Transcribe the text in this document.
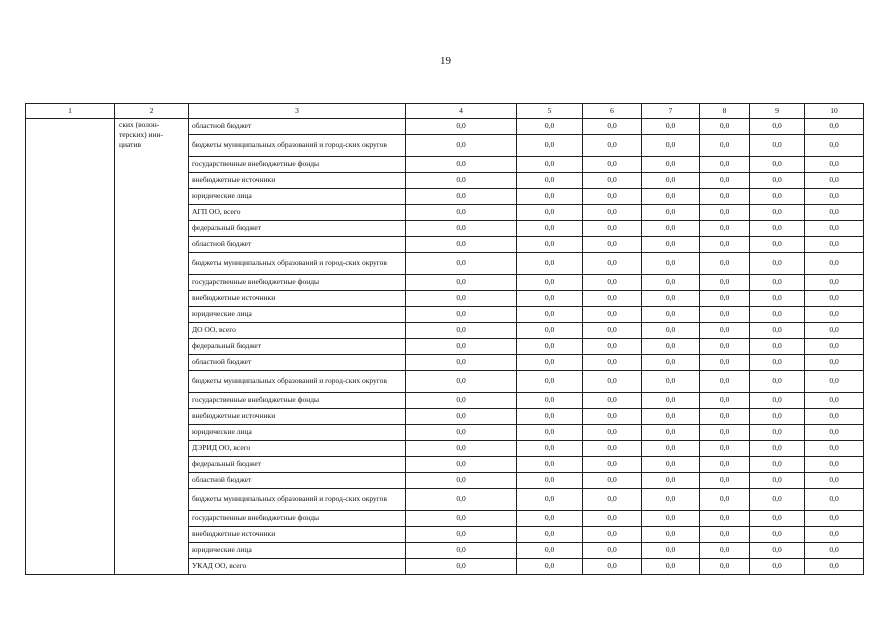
19
1	2	3	4	5	6	7	8	9	10
	ских (волон-терских) ини-циатив	областной бюджет	0,0	0,0	0,0	0,0	0,0	0,0	0,0
		бюджеты муниципальных образований и город-ских округов	0,0	0,0	0,0	0,0	0,0	0,0	0,0
		государственные внебюджетные фонды	0,0	0,0	0,0	0,0	0,0	0,0	0,0
		внебюджетные источники	0,0	0,0	0,0	0,0	0,0	0,0	0,0
		юридические лица	0,0	0,0	0,0	0,0	0,0	0,0	0,0
		АГП ОО, всего	0,0	0,0	0,0	0,0	0,0	0,0	0,0
		федеральный бюджет	0,0	0,0	0,0	0,0	0,0	0,0	0,0
		областной бюджет	0,0	0,0	0,0	0,0	0,0	0,0	0,0
		бюджеты муниципальных образований и город-ских округов	0,0	0,0	0,0	0,0	0,0	0,0	0,0
		государственные внебюджетные фонды	0,0	0,0	0,0	0,0	0,0	0,0	0,0
		внебюджетные источники	0,0	0,0	0,0	0,0	0,0	0,0	0,0
		юридические лица	0,0	0,0	0,0	0,0	0,0	0,0	0,0
		ДО ОО, всего	0,0	0,0	0,0	0,0	0,0	0,0	0,0
		федеральный бюджет	0,0	0,0	0,0	0,0	0,0	0,0	0,0
		областной бюджет	0,0	0,0	0,0	0,0	0,0	0,0	0,0
		бюджеты муниципальных образований и город-ских округов	0,0	0,0	0,0	0,0	0,0	0,0	0,0
		государственные внебюджетные фонды	0,0	0,0	0,0	0,0	0,0	0,0	0,0
		внебюджетные источники	0,0	0,0	0,0	0,0	0,0	0,0	0,0
		юридические лица	0,0	0,0	0,0	0,0	0,0	0,0	0,0
		ДЭРИД ОО, всего	0,0	0,0	0,0	0,0	0,0	0,0	0,0
		федеральный бюджет	0,0	0,0	0,0	0,0	0,0	0,0	0,0
		областной бюджет	0,0	0,0	0,0	0,0	0,0	0,0	0,0
		бюджеты муниципальных образований и город-ских округов	0,0	0,0	0,0	0,0	0,0	0,0	0,0
		государственные внебюджетные фонды	0,0	0,0	0,0	0,0	0,0	0,0	0,0
		внебюджетные источники	0,0	0,0	0,0	0,0	0,0	0,0	0,0
		юридические лица	0,0	0,0	0,0	0,0	0,0	0,0	0,0
		УКАД ОО, всего	0,0	0,0	0,0	0,0	0,0	0,0	0,0
